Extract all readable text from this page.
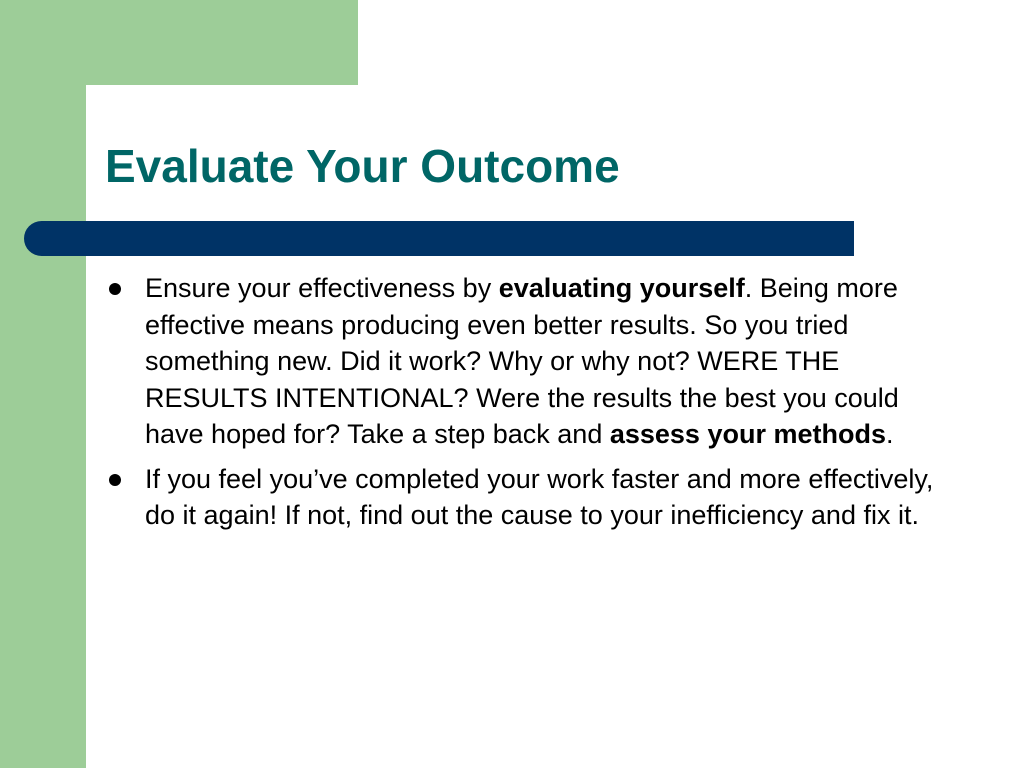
Evaluate Your Outcome
Ensure your effectiveness by evaluating yourself. Being more effective means producing even better results. So you tried something new. Did it work? Why or why not? WERE THE RESULTS INTENTIONAL? Were the results the best you could have hoped for? Take a step back and assess your methods.
If you feel you’ve completed your work faster and more effectively, do it again! If not, find out the cause to your inefficiency and fix it.
